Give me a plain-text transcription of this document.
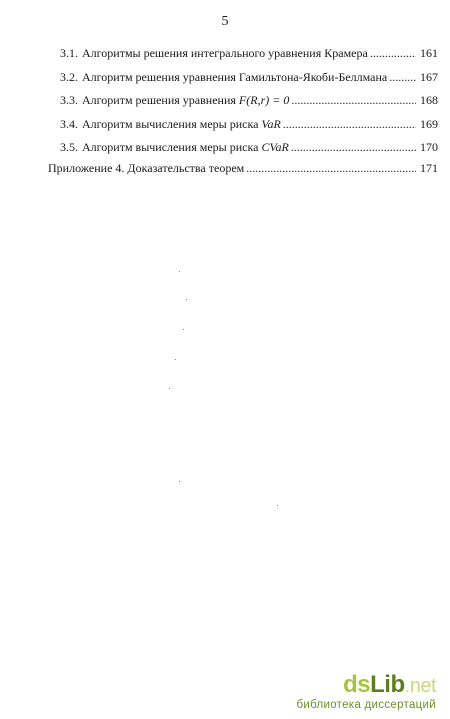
5
3.1. Алгоритмы решения интегрального уравнения Крамера .....	161
3.2. Алгоритм решения уравнения Гамильтона-Якоби-Беллмана .....	167
3.3. Алгоритм решения уравнения F(R,r) = 0 .....	168
3.4. Алгоритм вычисления меры риска VaR .....	169
3.5. Алгоритм вычисления меры риска CVaR .....	170
Приложение 4. Доказательства теорем .....	171
dsLib.net
библиотека диссертаций
